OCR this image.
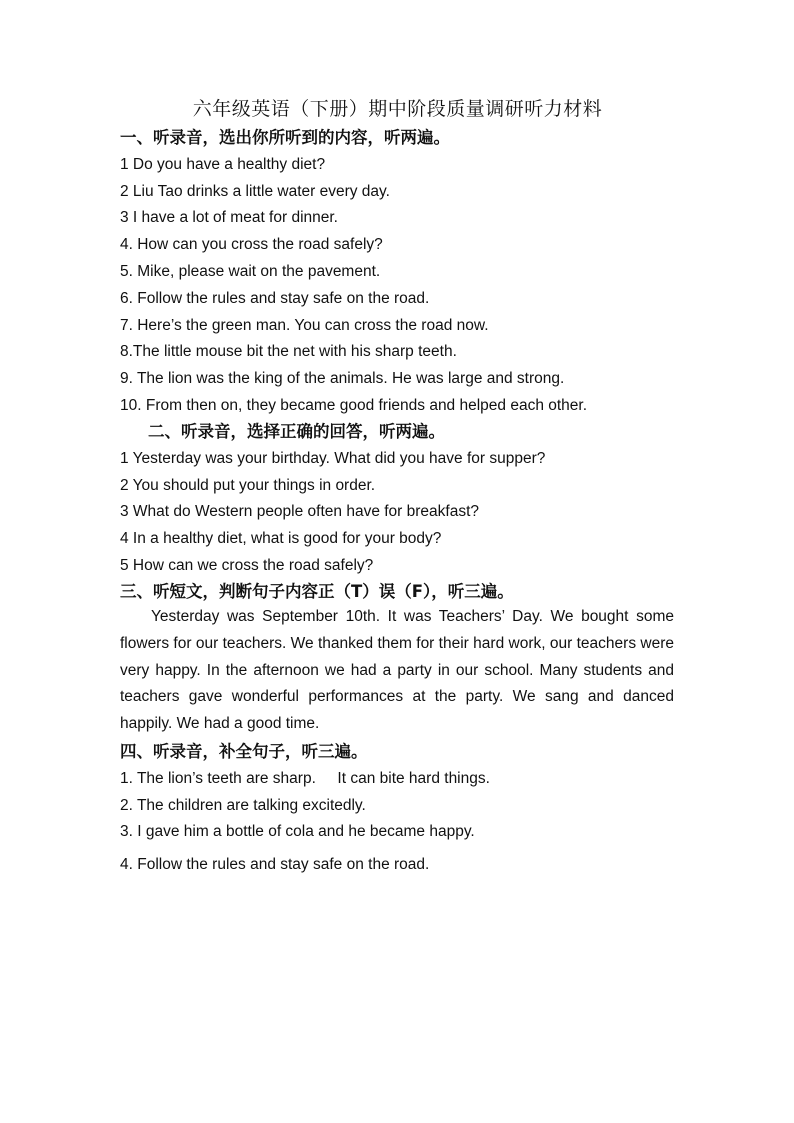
六年级英语（下册）期中阶段质量调研听力材料
一、听录音，选出你所听到的内容，听两遍。
1 Do you have a healthy diet?
2 Liu Tao drinks a little water every day.
3 I have a lot of meat for dinner.
4. How can you cross the road safely?
5. Mike, please wait on the pavement.
6. Follow the rules and stay safe on the road.
7. Here’s the green man. You can cross the road now.
8.The little mouse bit the net with his sharp teeth.
9. The lion was the king of the animals. He was large and strong.
10. From then on, they became good friends and helped each other.
二、听录音，选择正确的回答，听两遍。
1 Yesterday was your birthday. What did you have for supper?
2 You should put your things in order.
3 What do Western people often have for breakfast?
4 In a healthy diet, what is good for your body?
5 How can we cross the road safely?
三、听短文，判断句子内容正（T）误（F），听三遍。

Yesterday was September 10th. It was Teachers’ Day. We bought some flowers for our teachers. We thanked them for their hard work, our teachers were very happy. In the afternoon we had a party in our school. Many students and teachers gave wonderful performances at the party. We sang and danced happily. We had a good time.

四、听录音，补全句子，听三遍。
1. The lion’s teeth are sharp.     It can bite hard things.
2. The children are talking excitedly.
3. I gave him a bottle of cola and he became happy.
4. Follow the rules and stay safe on the road.
